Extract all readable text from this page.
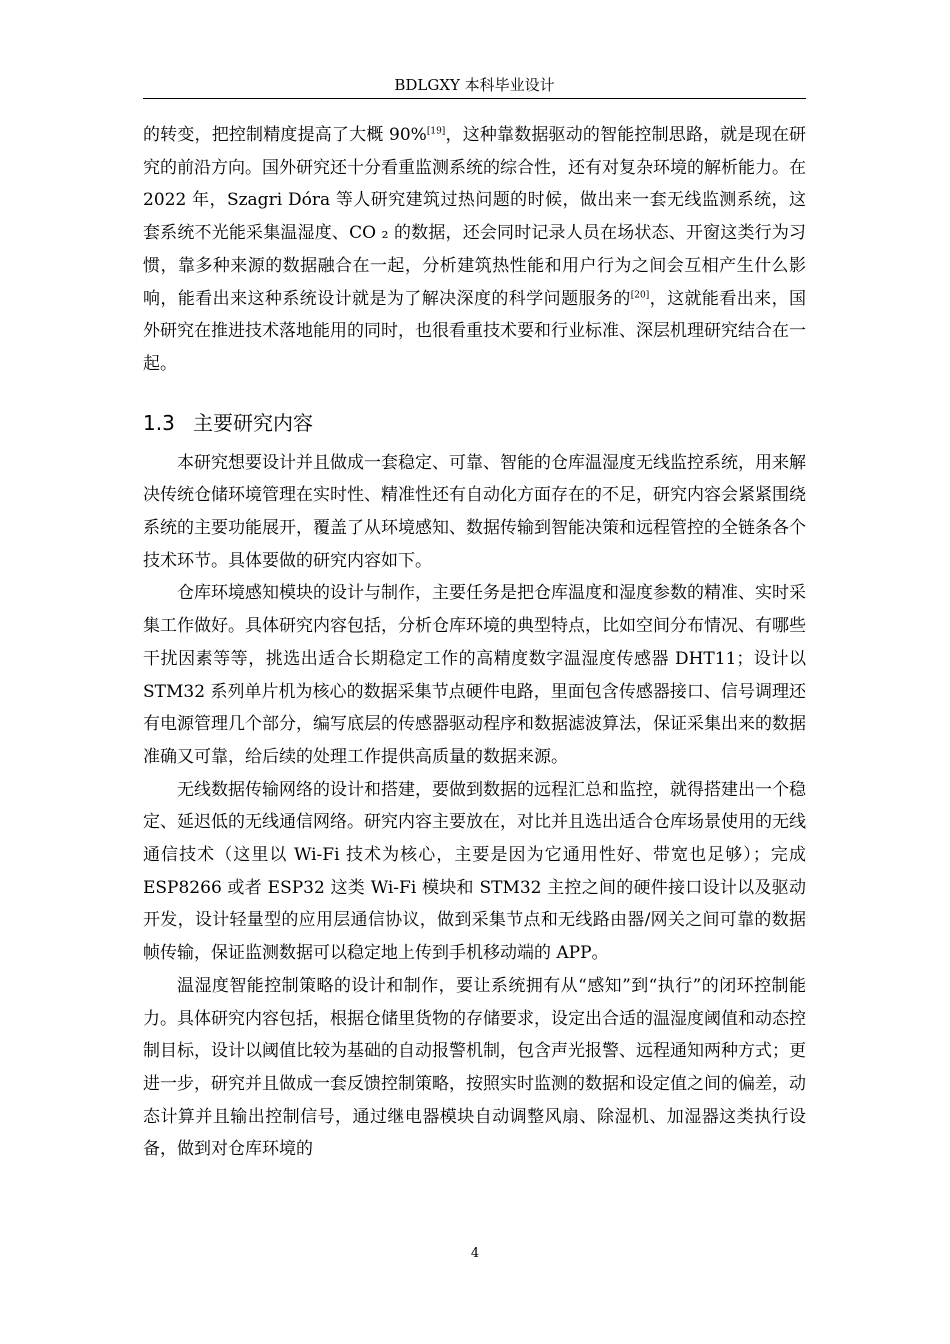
BDLGXY 本科毕业设计

的转变，把控制精度提高了大概 90%[19]，这种靠数据驱动的智能控制思路，就是现在研究的前沿方向。国外研究还十分看重监测系统的综合性，还有对复杂环境的解析能力。在 2022 年，Szagri Dóra 等人研究建筑过热问题的时候，做出来一套无线监测系统，这套系统不光能采集温湿度、CO ₂ 的数据，还会同时记录人员在场状态、开窗这类行为习惯，靠多种来源的数据融合在一起，分析建筑热性能和用户行为之间会互相产生什么影响，能看出来这种系统设计就是为了解决深度的科学问题服务的[20]，这就能看出来，国外研究在推进技术落地能用的同时，也很看重技术要和行业标准、深层机理研究结合在一起。

1.3 主要研究内容

本研究想要设计并且做成一套稳定、可靠、智能的仓库温湿度无线监控系统，用来解决传统仓储环境管理在实时性、精准性还有自动化方面存在的不足，研究内容会紧紧围绕系统的主要功能展开，覆盖了从环境感知、数据传输到智能决策和远程管控的全链条各个技术环节。具体要做的研究内容如下。

仓库环境感知模块的设计与制作，主要任务是把仓库温度和湿度参数的精准、实时采集工作做好。具体研究内容包括，分析仓库环境的典型特点，比如空间分布情况、有哪些干扰因素等等，挑选出适合长期稳定工作的高精度数字温湿度传感器 DHT11；设计以 STM32 系列单片机为核心的数据采集节点硬件电路，里面包含传感器接口、信号调理还有电源管理几个部分，编写底层的传感器驱动程序和数据滤波算法，保证采集出来的数据准确又可靠，给后续的处理工作提供高质量的数据来源。

无线数据传输网络的设计和搭建，要做到数据的远程汇总和监控，就得搭建出一个稳定、延迟低的无线通信网络。研究内容主要放在，对比并且选出适合仓库场景使用的无线通信技术（这里以 Wi-Fi 技术为核心，主要是因为它通用性好、带宽也足够）；完成 ESP8266 或者 ESP32 这类 Wi-Fi 模块和 STM32 主控之间的硬件接口设计以及驱动开发，设计轻量型的应用层通信协议，做到采集节点和无线路由器/网关之间可靠的数据帧传输，保证监测数据可以稳定地上传到手机移动端的 APP。

温湿度智能控制策略的设计和制作，要让系统拥有从“感知”到“执行”的闭环控制能力。具体研究内容包括，根据仓储里货物的存储要求，设定出合适的温湿度阈值和动态控制目标，设计以阈值比较为基础的自动报警机制，包含声光报警、远程通知两种方式；更进一步，研究并且做成一套反馈控制策略，按照实时监测的数据和设定值之间的偏差，动态计算并且输出控制信号，通过继电器模块自动调整风扇、除湿机、加湿器这类执行设备，做到对仓库环境的

4
